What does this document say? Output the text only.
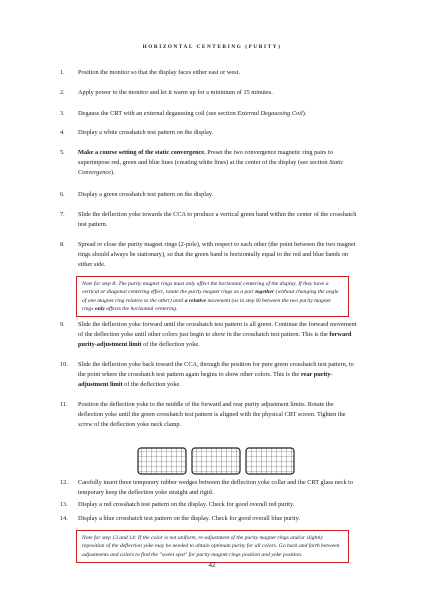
HORIZONTAL CENTERING (PURITY)
1.	Position the monitor so that the display faces either east or west.
2.	Apply power to the monitor and let it warm up for a minimum of 15 minutes.
3.	Degauss the CRT with an external degaussing coil (see section External Degaussing Coil).
4.	Display a white crosshatch test pattern on the display.
5.	Make a course setting of the static convergence. Preset the two convergence magnetic ring pairs to superimpose red, green and blue lines (creating white lines) at the center of the display (see section Static Convergence).
6.	Display a green crosshatch test pattern on the display.
7.	Slide the deflection yoke towards the CCA to produce a vertical green band within the center of the crosshatch test pattern.
8.	Spread or close the purity magnet rings (2-pole), with respect to each other (the point between the two magnet rings should always be stationary), so that the green band is horizontally equal to the red and blue bands on either side.
9.	Slide the deflection yoke forward until the crosshatch test pattern is all green. Continue the forward movement of the deflection yoke until other colors just begin to show in the crosshatch test pattern. This is the forward purity-adjustment limit of the deflection yoke.
10.	Slide the deflection yoke back toward the CCA, through the position for pure green crosshatch test pattern, to the point where the crosshatch test pattern again begins to show other colors. This is the rear purity-adjustment limit of the deflection yoke.
11.	Position the deflection yoke to the middle of the forward and rear purity adjustment limits. Rotate the deflection yoke until the green crosshatch test pattern is aligned with the physical CRT screen. Tighten the screw of the deflection yoke neck clamp.
12.	Carefully insert three temporary rubber wedges between the deflection yoke collar and the CRT glass neck to temporary keep the deflection yoke straight and rigid.
13.	Display a red crosshatch test pattern on the display. Check for good overall red purity.
14.	Display a blue crosshatch test pattern on the display. Check for good overall blue purity.
Note for step 8: The purity magnet rings must only affect the horizontal centering of the display. If they have a vertical or diagonal centering effect, rotate the purity magnet rings as a pair together (without changing the angle of one magnet ring relative to the other) until a relative movement (as in step 8) between the two purity magnet rings only affects the horizontal centering.
Note for step 13 and 14: If the color is not uniform, re-adjustment of the purity magnet rings and/or slightly reposition of the deflection yoke may be needed to obtain optimum purity for all colors. Go back and forth between adjustments and colors to find the "sweet spot" for purity magnet rings position and yoke position.
42
